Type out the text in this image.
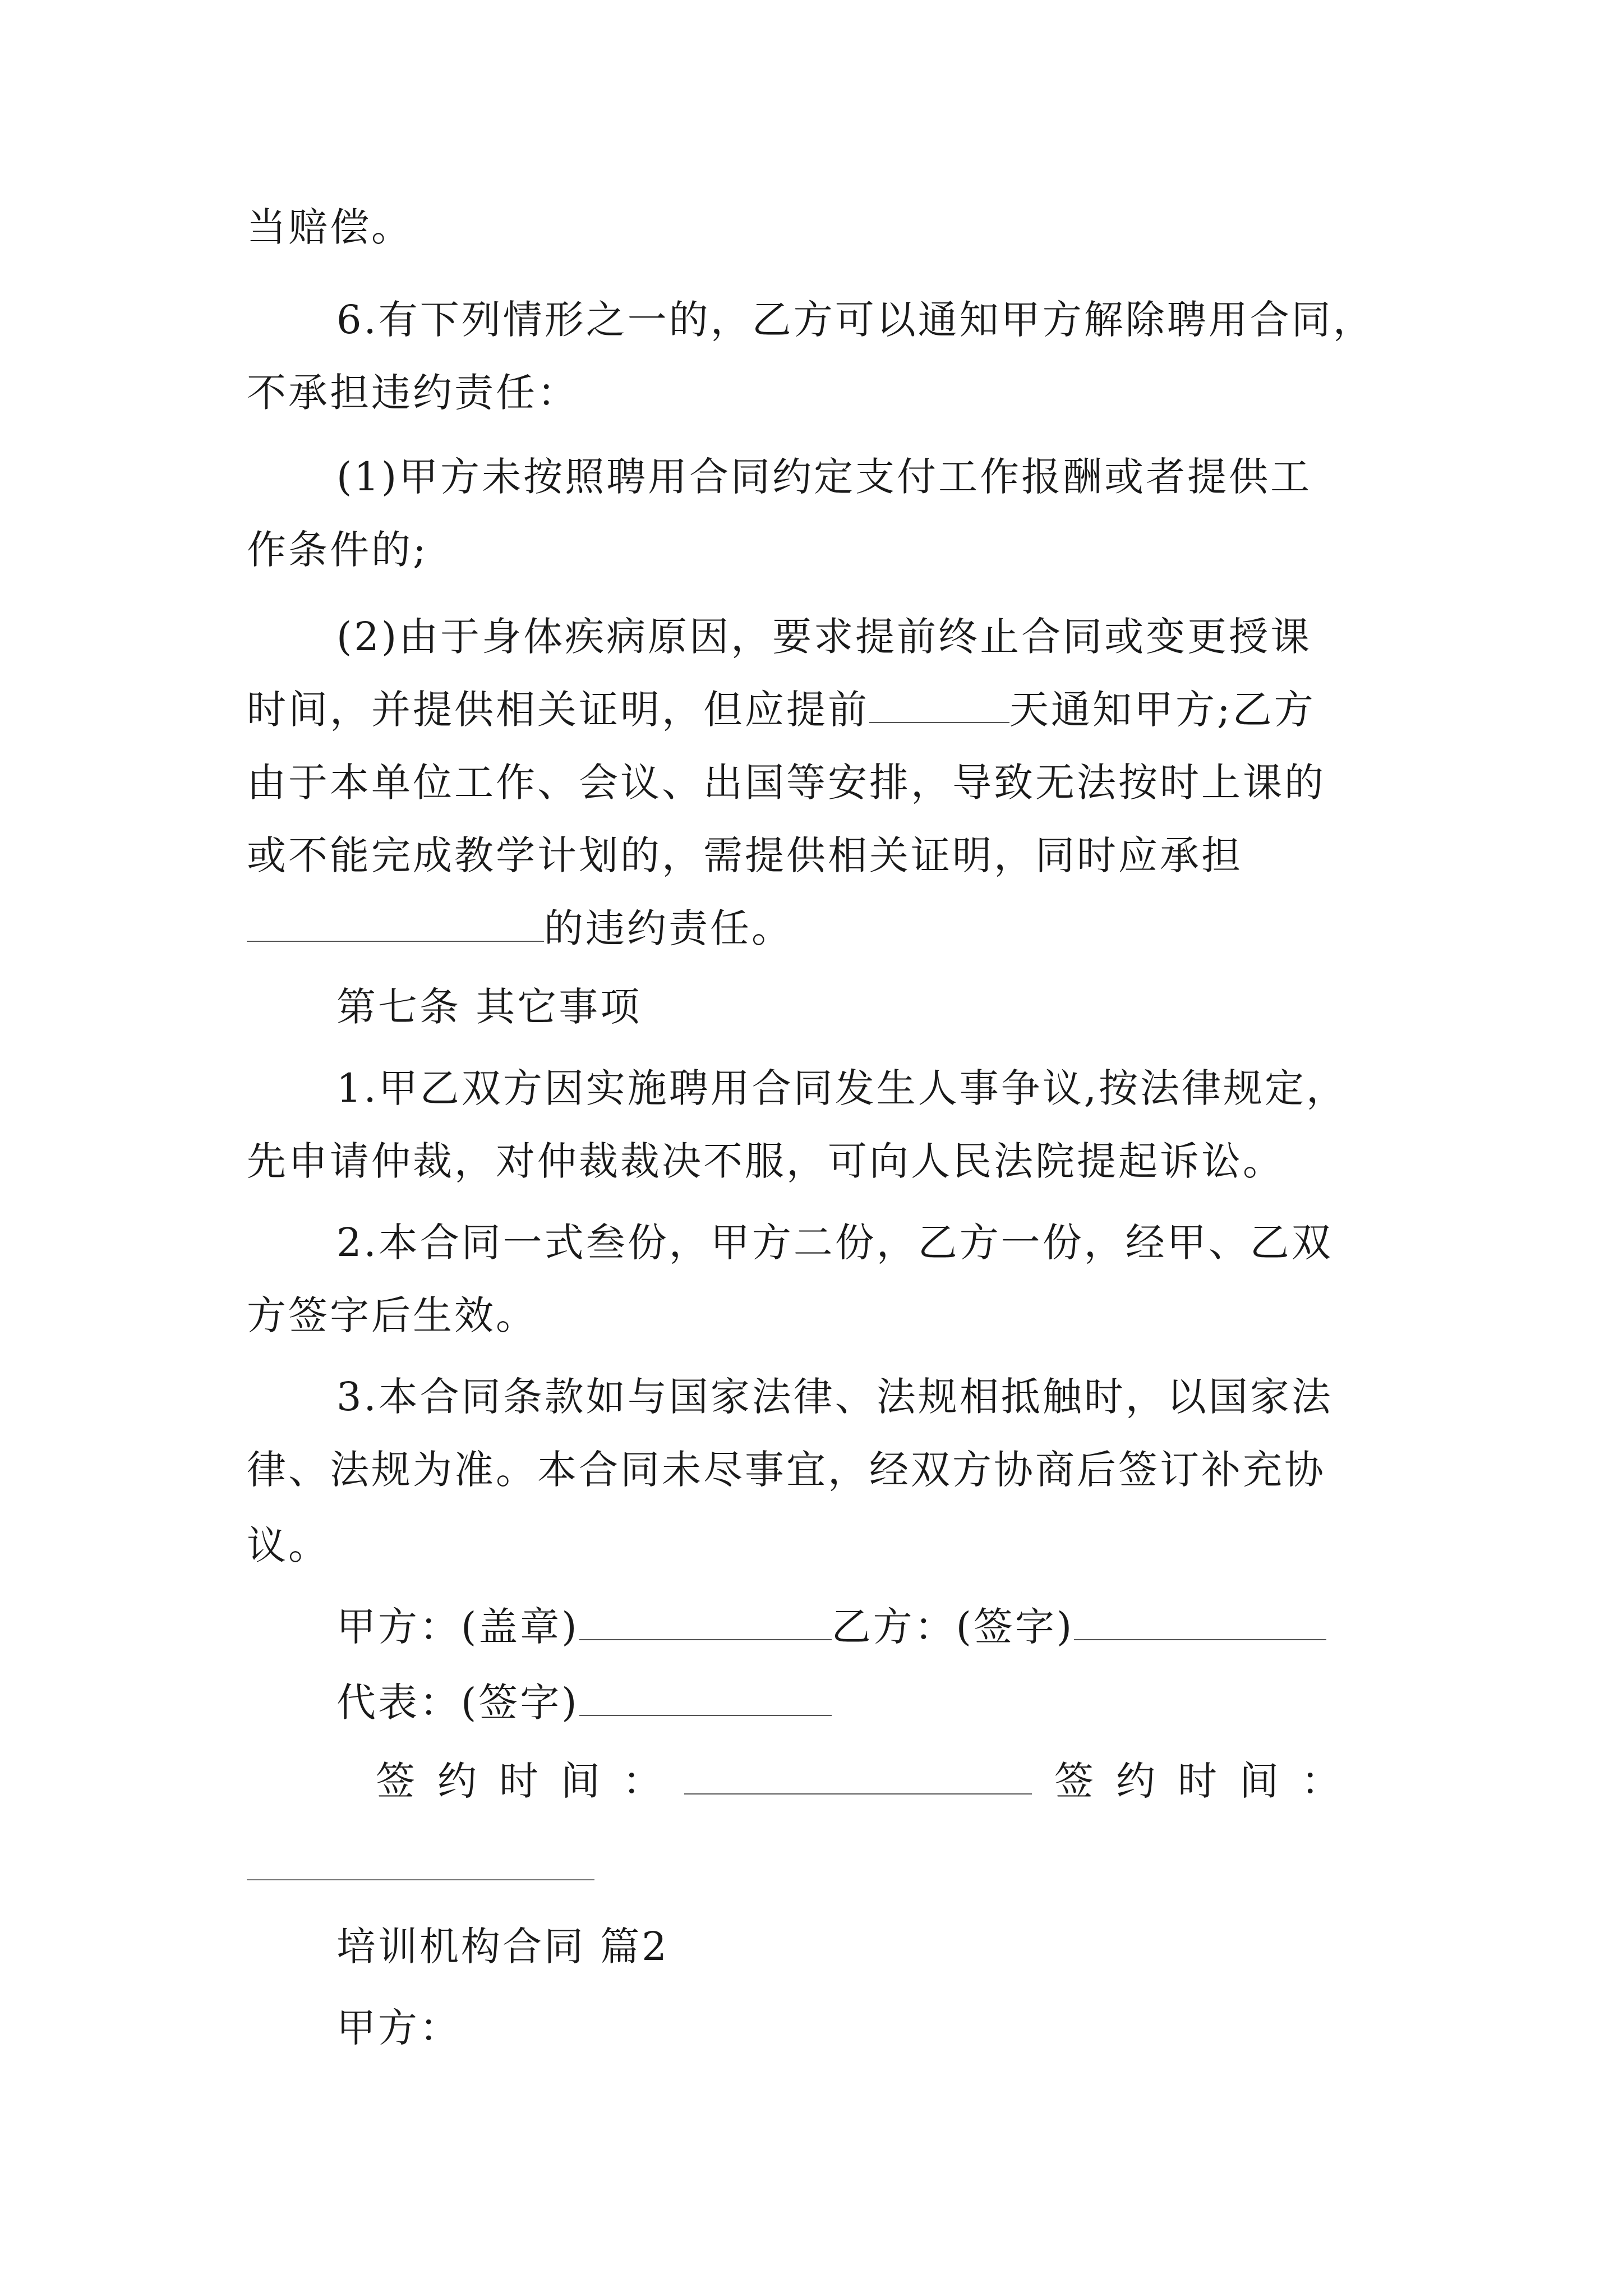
当赔偿。
6.有下列情形之一的，乙方可以通知甲方解除聘用合同，
不承担违约责任：
(1)甲方未按照聘用合同约定支付工作报酬或者提供工
作条件的;
(2)由于身体疾病原因，要求提前终止合同或变更授课
时间，并提供相关证明，但应提前	天通知甲方;乙方
由于本单位工作、会议、出国等安排，导致无法按时上课的
或不能完成教学计划的，需提供相关证明，同时应承担
的违约责任。
第七条 其它事项
1.甲乙双方因实施聘用合同发生人事争议,按法律规定，
先申请仲裁，对仲裁裁决不服，可向人民法院提起诉讼。
2.本合同一式叁份，甲方二份，乙方一份，经甲、乙双
方签字后生效。
3.本合同条款如与国家法律、法规相抵触时，以国家法
律、法规为准。本合同未尽事宜，经双方协商后签订补充协
议。
甲方：(盖章)	乙方：(签字)
代表：(签字)
签约时间：	签约时间：
培训机构合同 篇2
甲方：
